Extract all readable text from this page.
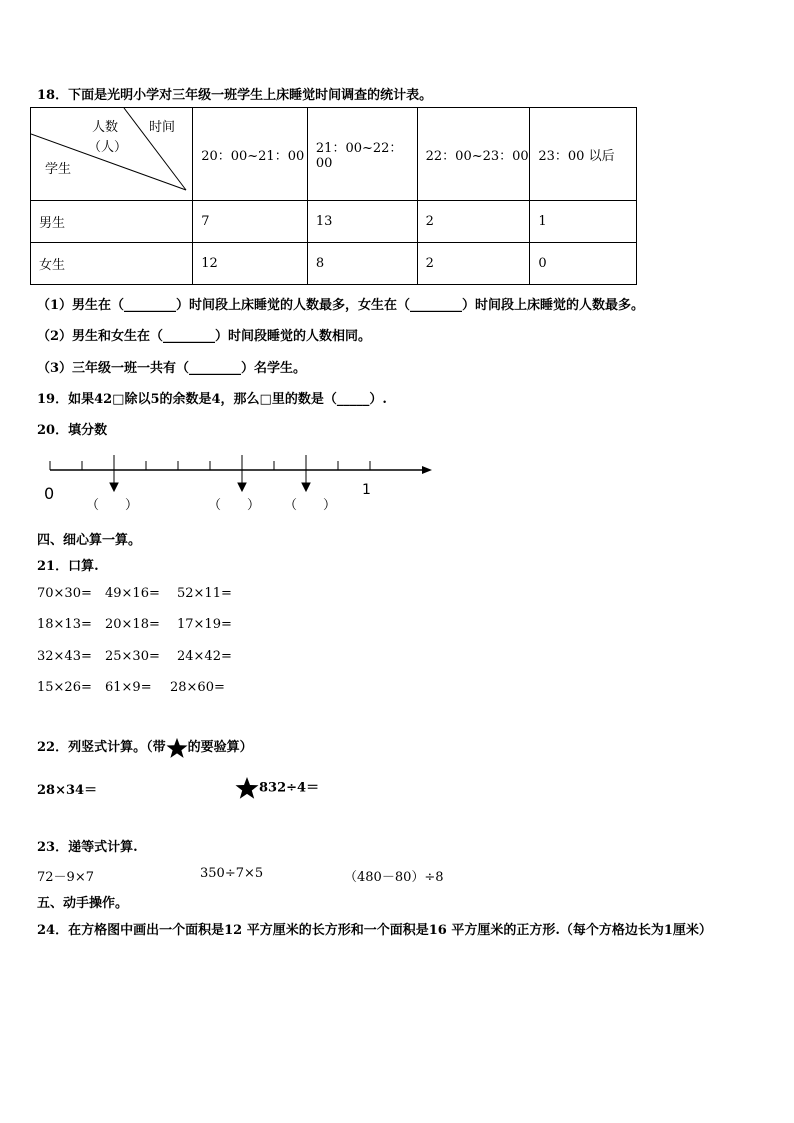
18．下面是光明小学对三年级一班学生上床睡觉时间调查的统计表。
时间
人数
（人）
学生	20：00~21：00	21：00~22：00	22：00~23：00	23：00 以后
男生	7	13	2	1
女生	12	8	2	0
（1）男生在（________）时间段上床睡觉的人数最多，女生在（________）时间段上床睡觉的人数最多。
（2）男生和女生在（________）时间段睡觉的人数相同。
（3）三年级一班一共有（________）名学生。
19．如果42□除以5的余数是4，那么□里的数是（_____）.
20．填分数
0	1
（　　）	（　　） （　　）
四、细心算一算。
21．口算.
70×30= 49×16= 52×11=
18×13= 20×18= 17×19=
32×43= 25×30= 24×42=
15×26= 61×9= 28×60=
22．列竖式计算。（带 的要验算）
28×34＝	832÷4＝
23．递等式计算.
72－9×7	350÷7×5	（480－80）÷8
五、动手操作。
24．在方格图中画出一个面积是12 平方厘米的长方形和一个面积是16 平方厘米的正方形.（每个方格边长为1厘米）
